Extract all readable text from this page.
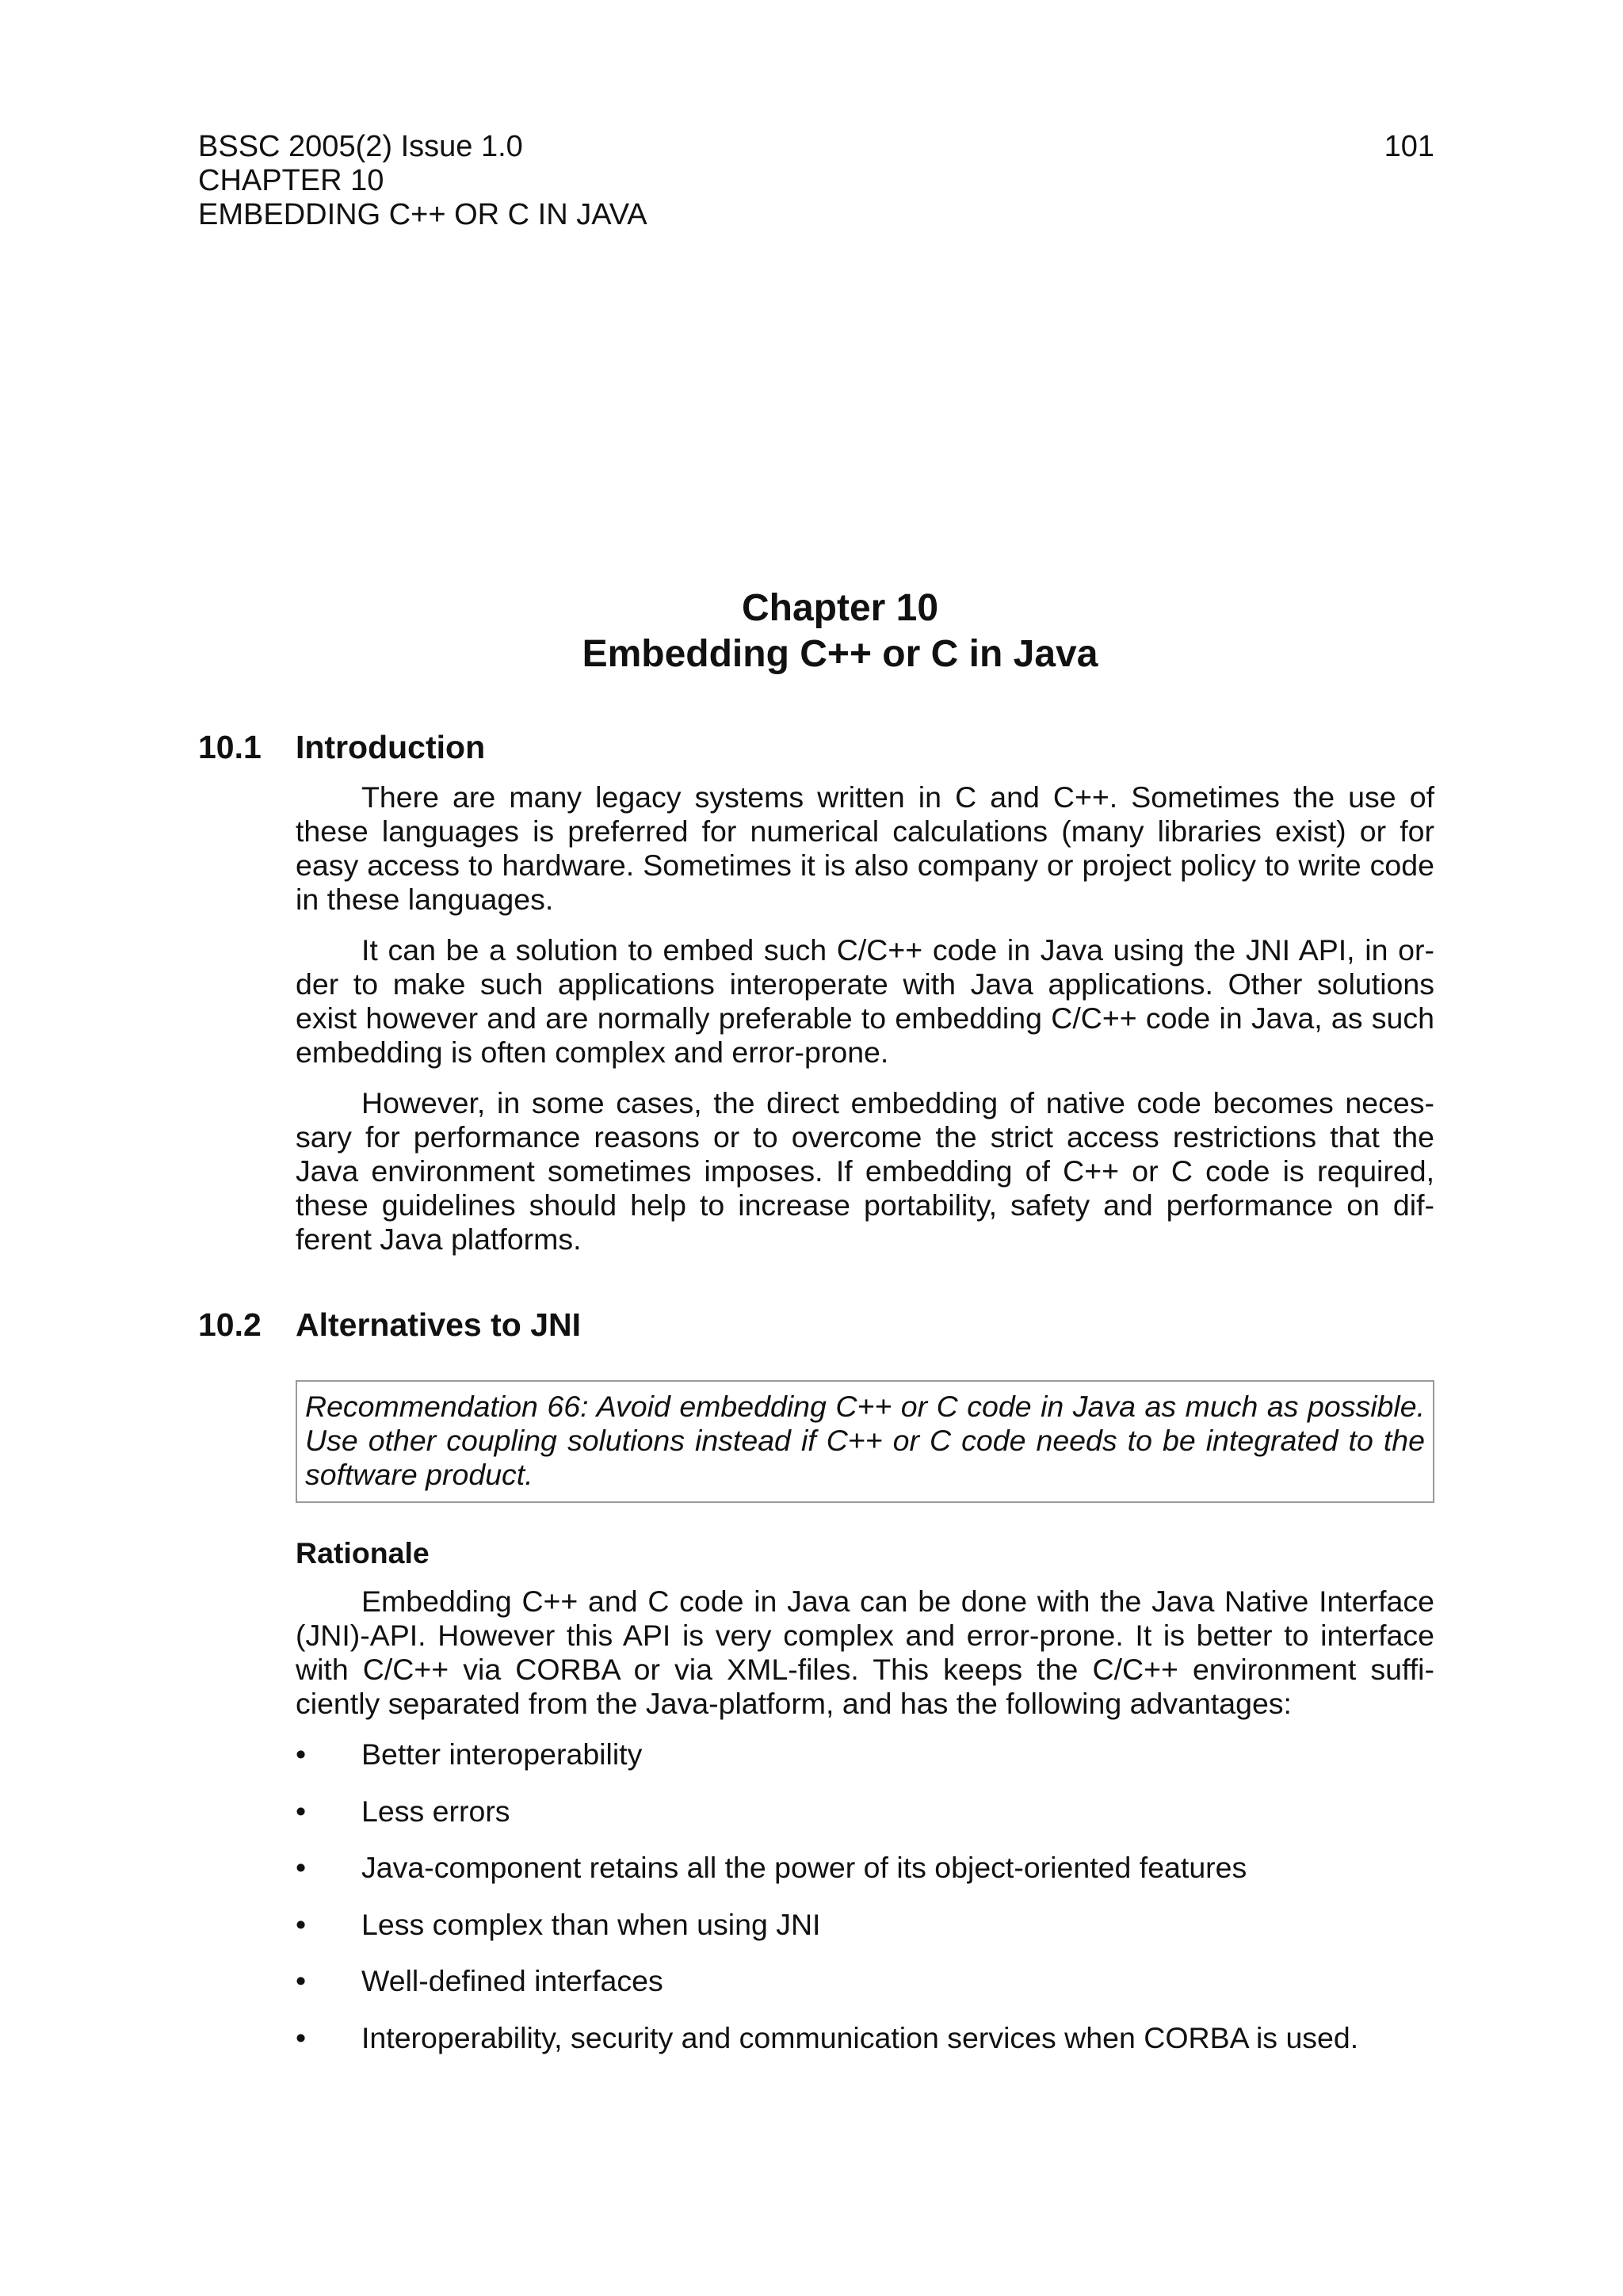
BSSC 2005(2) Issue 1.0
CHAPTER 10
EMBEDDING C++ OR C IN JAVA
101
Chapter 10
Embedding C++ or C in Java
10.1	Introduction

There are many legacy systems written in C and C++. Sometimes the use of these languages is preferred for numerical calculations (many libraries exist) or for easy access to hardware. Sometimes it is also company or project policy to write code in these languages.

It can be a solution to embed such C/C++ code in Java using the JNI API, in order to make such applications interoperate with Java applications. Other solutions exist however and are normally preferable to embedding C/C++ code in Java, as such embedding is often complex and error-prone.

However, in some cases, the direct embedding of native code becomes necessary for performance reasons or to overcome the strict access restrictions that the Java environment sometimes imposes. If embedding of C++ or C code is required, these guidelines should help to increase portability, safety and performance on different Java platforms.

10.2	Alternatives to JNI
Recommendation 66: Avoid embedding C++ or C code in Java as much as possible. Use other coupling solutions instead if C++ or C code needs to be integrated to the software product.
Rationale

Embedding C++ and C code in Java can be done with the Java Native Interface (JNI)-API. However this API is very complex and error-prone. It is better to interface with C/C++ via CORBA or via XML-files. This keeps the C/C++ environment sufficiently separated from the Java-platform, and has the following advantages:

•	Better interoperability
•	Less errors
•	Java-component retains all the power of its object-oriented features
•	Less complex than when using JNI
•	Well-defined interfaces
•	Interoperability, security and communication services when CORBA is used.
